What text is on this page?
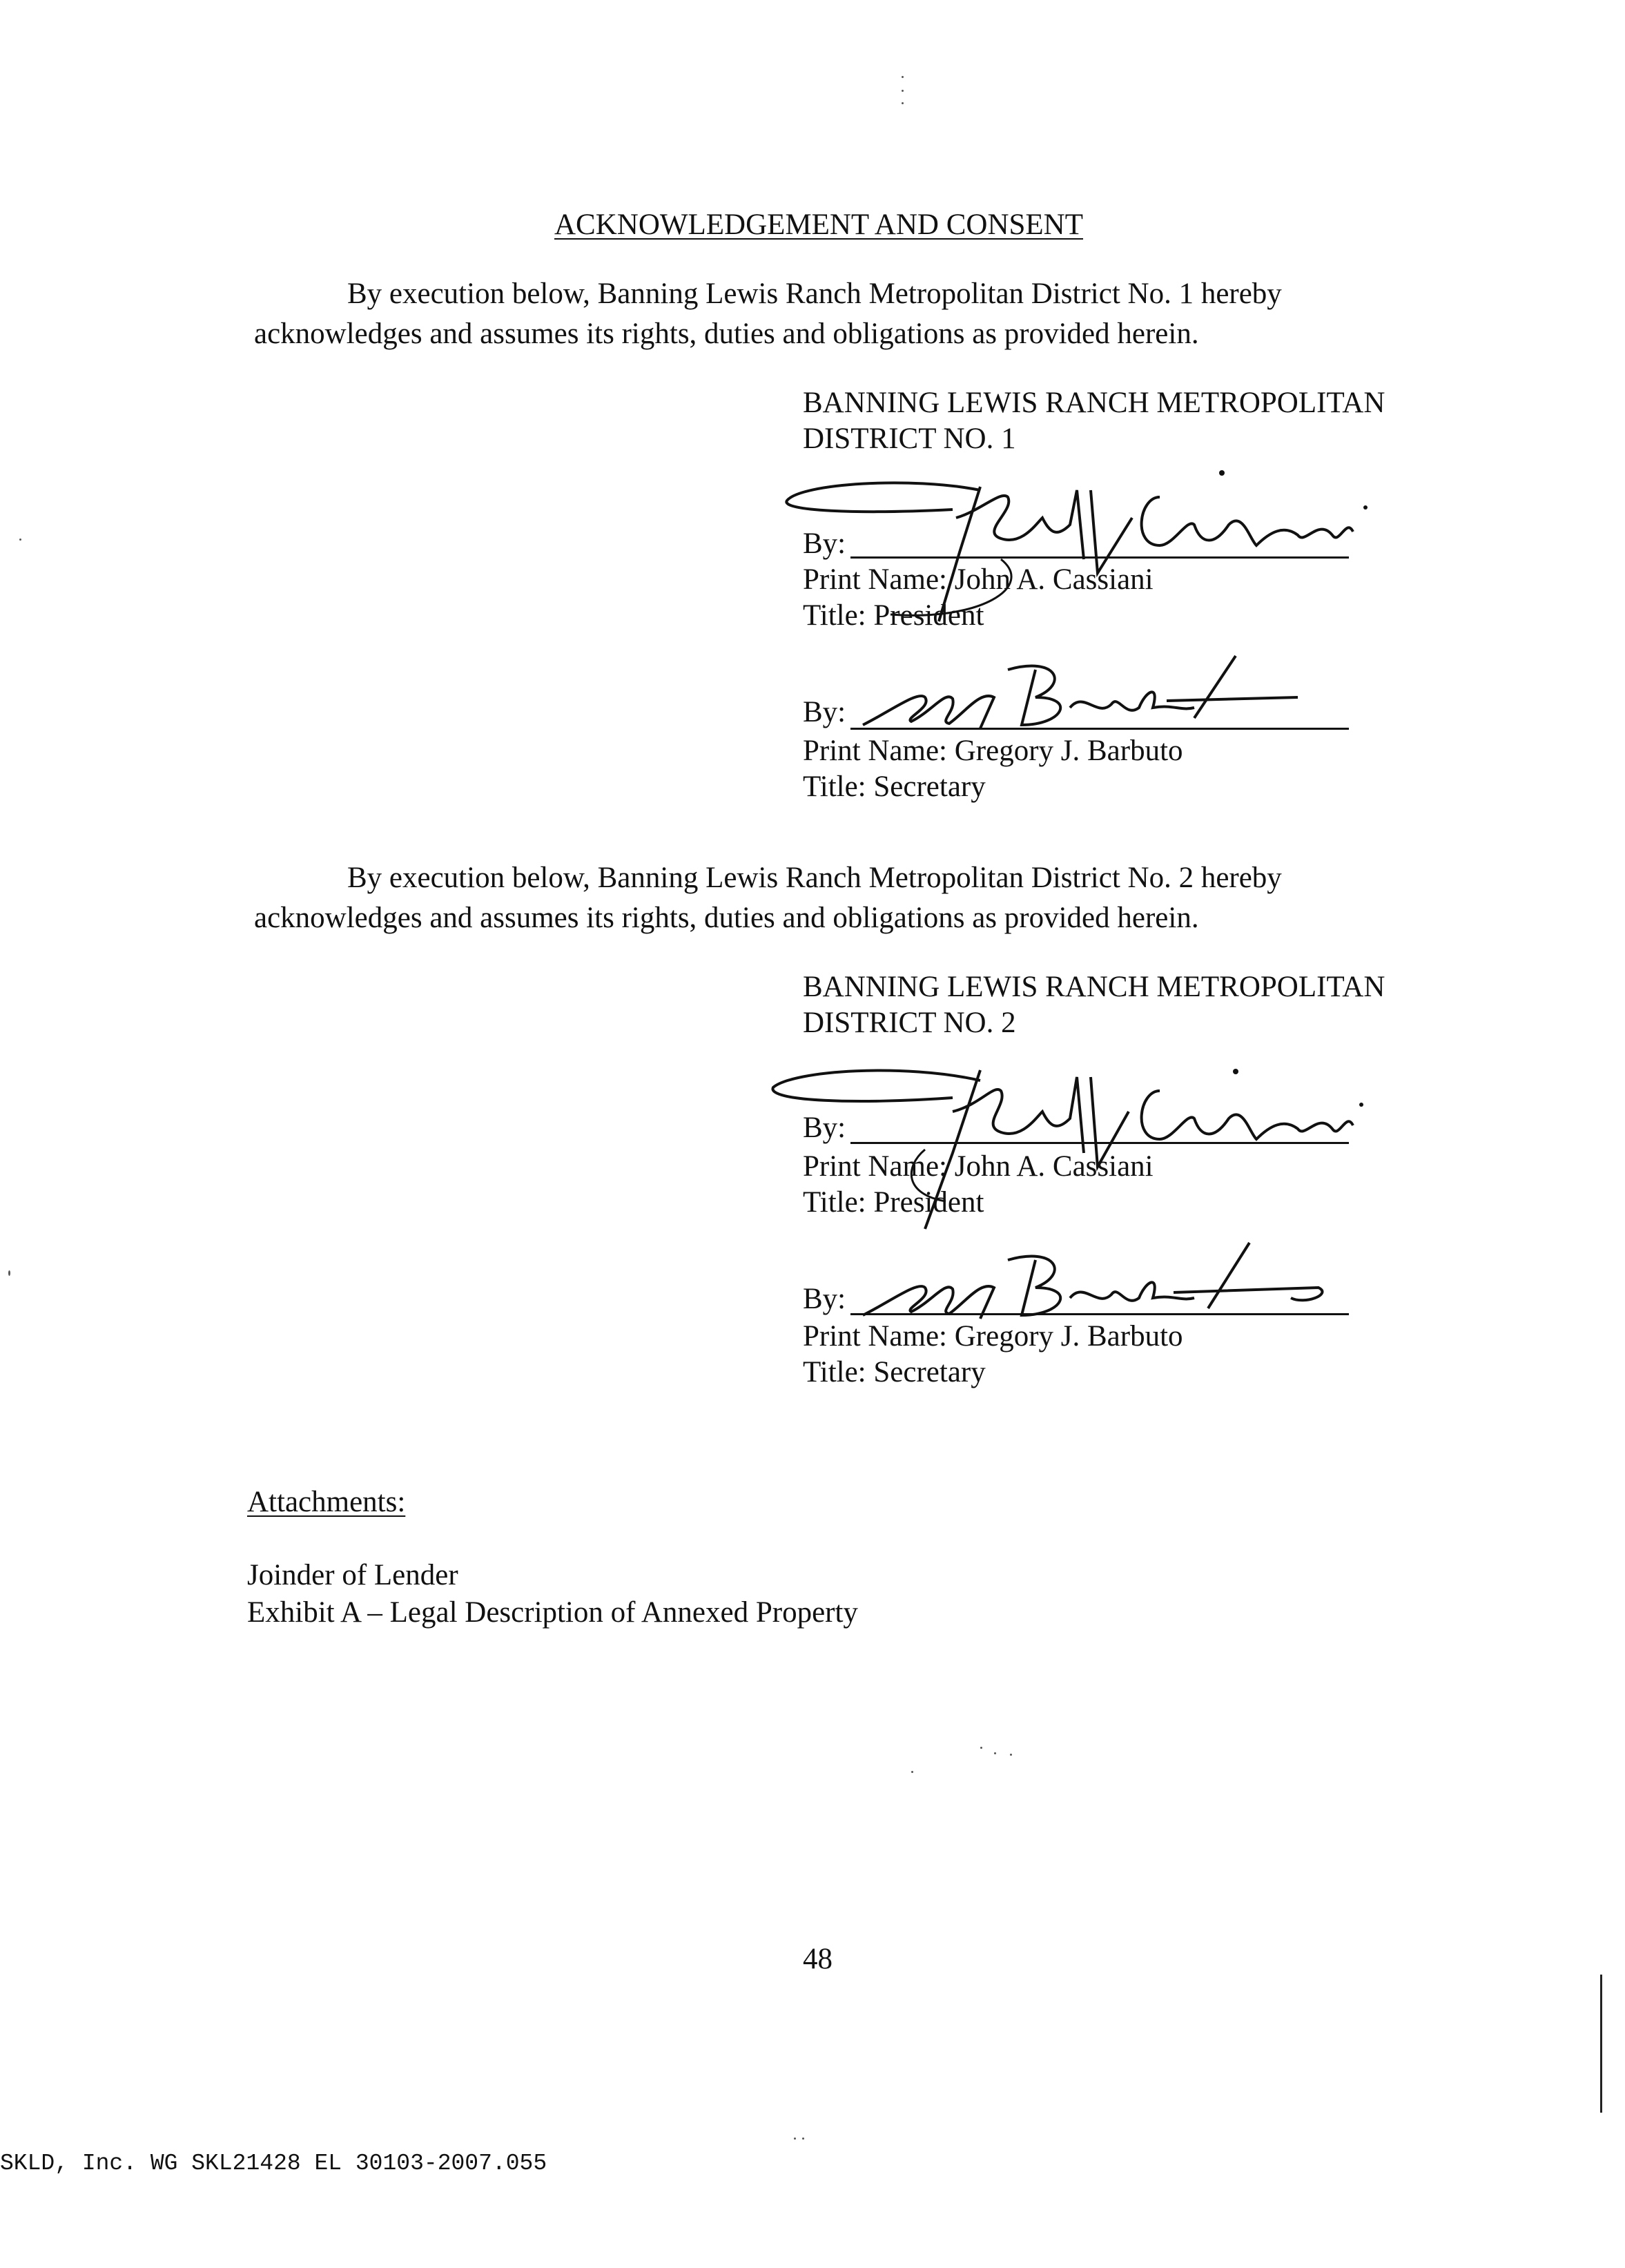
ACKNOWLEDGEMENT AND CONSENT
By execution below, Banning Lewis Ranch Metropolitan District No. 1 hereby
acknowledges and assumes its rights, duties and obligations as provided herein.
BANNING LEWIS RANCH METROPOLITAN
DISTRICT NO. 1
By:
Print Name: John A. Cassiani
Title: President
By:
Print Name: Gregory J. Barbuto
Title: Secretary
By execution below, Banning Lewis Ranch Metropolitan District No. 2 hereby
acknowledges and assumes its rights, duties and obligations as provided herein.
BANNING LEWIS RANCH METROPOLITAN
DISTRICT NO. 2
By:
Print Name: John A. Cassiani
Title: President
By:
Print Name: Gregory J. Barbuto
Title: Secretary
Attachments:
Joinder of Lender
Exhibit A – Legal Description of Annexed Property
48
SKLD, Inc. WG SKL21428 EL 30103-2007.055
